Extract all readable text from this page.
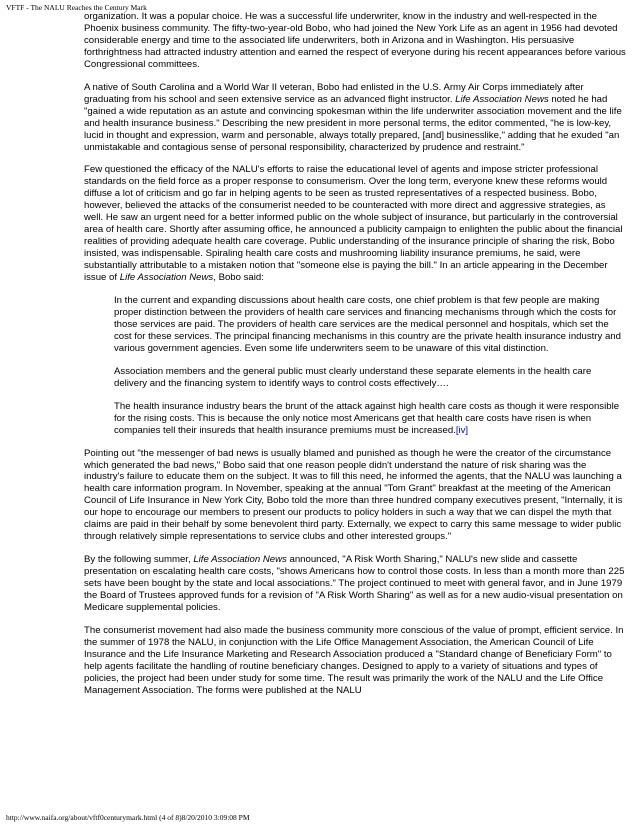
VFTF - The NALU Reaches the Century Mark

organization. It was a popular choice. He was a successful life underwriter, know in the industry and well-respected in the Phoenix business community. The fifty-two-year-old Bobo, who had joined the New York Life as an agent in 1956 had devoted considerable energy and time to the associated life underwriters, both in Arizona and in Washington. His persuasive forthrightness had attracted industry attention and earned the respect of everyone during his recent appearances before various Congressional committees.

A native of South Carolina and a World War II veteran, Bobo had enlisted in the U.S. Army Air Corps immediately after graduating from his school and seen extensive service as an advanced flight instructor. Life Association News noted he had "gained a wide reputation as an astute and convincing spokesman within the life underwriter association movement and the life and health insurance business." Describing the new president in more personal terms, the editor commented, "he is low-key, lucid in thought and expression, warm and personable, always totally prepared, [and] businesslike," adding that he exuded "an unmistakable and contagious sense of personal responsibility, characterized by prudence and restraint."

Few questioned the efficacy of the NALU's efforts to raise the educational level of agents and impose stricter professional standards on the field force as a proper response to consumerism. Over the long term, everyone knew these reforms would diffuse a lot of criticism and go far in helping agents to be seen as trusted representatives of a respected business. Bobo, however, believed the attacks of the consumerist needed to be counteracted with more direct and aggressive strategies, as well. He saw an urgent need for a better informed public on the whole subject of insurance, but particularly in the controversial area of health care. Shortly after assuming office, he announced a publicity campaign to enlighten the public about the financial realities of providing adequate health care coverage. Public understanding of the insurance principle of sharing the risk, Bobo insisted, was indispensable. Spiraling health care costs and mushrooming liability insurance premiums, he said, were substantially attributable to a mistaken notion that "someone else is paying the bill." In an article appearing in the December issue of Life Association News, Bobo said:

In the current and expanding discussions about health care costs, one chief problem is that few people are making proper distinction between the providers of health care services and financing mechanisms through which the costs for those services are paid. The providers of health care services are the medical personnel and hospitals, which set the cost for these services. The principal financing mechanisms in this country are the private health insurance industry and various government agencies. Even some life underwriters seem to be unaware of this vital distinction.

Association members and the general public must clearly understand these separate elements in the health care delivery and the financing system to identify ways to control costs effectively….

The health insurance industry bears the brunt of the attack against high health care costs as though it were responsible for the rising costs. This is because the only notice most Americans get that health care costs have risen is when companies tell their insureds that health insurance premiums must be increased.[iv]

Pointing out "the messenger of bad news is usually blamed and punished as though he were the creator of the circumstance which generated the bad news," Bobo said that one reason people didn't understand the nature of risk sharing was the industry's failure to educate them on the subject. It was to fill this need, he informed the agents, that the NALU was launching a health care information program. In November, speaking at the annual "Tom Grant" breakfast at the meeting of the American Council of Life Insurance in New York City, Bobo told the more than three hundred company executives present, "Internally, it is our hope to encourage our members to present our products to policy holders in such a way that we can dispel the myth that claims are paid in their behalf by some benevolent third party. Externally, we expect to carry this same message to wider public through relatively simple representations to service clubs and other interested groups."

By the following summer, Life Association News announced, "A Risk Worth Sharing," NALU's new slide and cassette presentation on escalating health care costs, "shows Americans how to control those costs. In less than a month more than 225 sets have been bought by the state and local associations." The project continued to meet with general favor, and in June 1979 the Board of Trustees approved funds for a revision of "A Risk Worth Sharing" as well as for a new audio-visual presentation on Medicare supplemental policies.

The consumerist movement had also made the business community more conscious of the value of prompt, efficient service. In the summer of 1978 the NALU, in conjunction with the Life Office Management Association, the American Council of Life Insurance and the Life Insurance Marketing and Research Association produced a "Standard change of Beneficiary Form" to help agents facilitate the handling of routine beneficiary changes. Designed to apply to a variety of situations and types of policies, the project had been under study for some time. The result was primarily the work of the NALU and the Life Office Management Association. The forms were published at the NALU

http://www.naifa.org/about/vftf0centurymark.html (4 of 8)8/20/2010 3:09:08 PM
